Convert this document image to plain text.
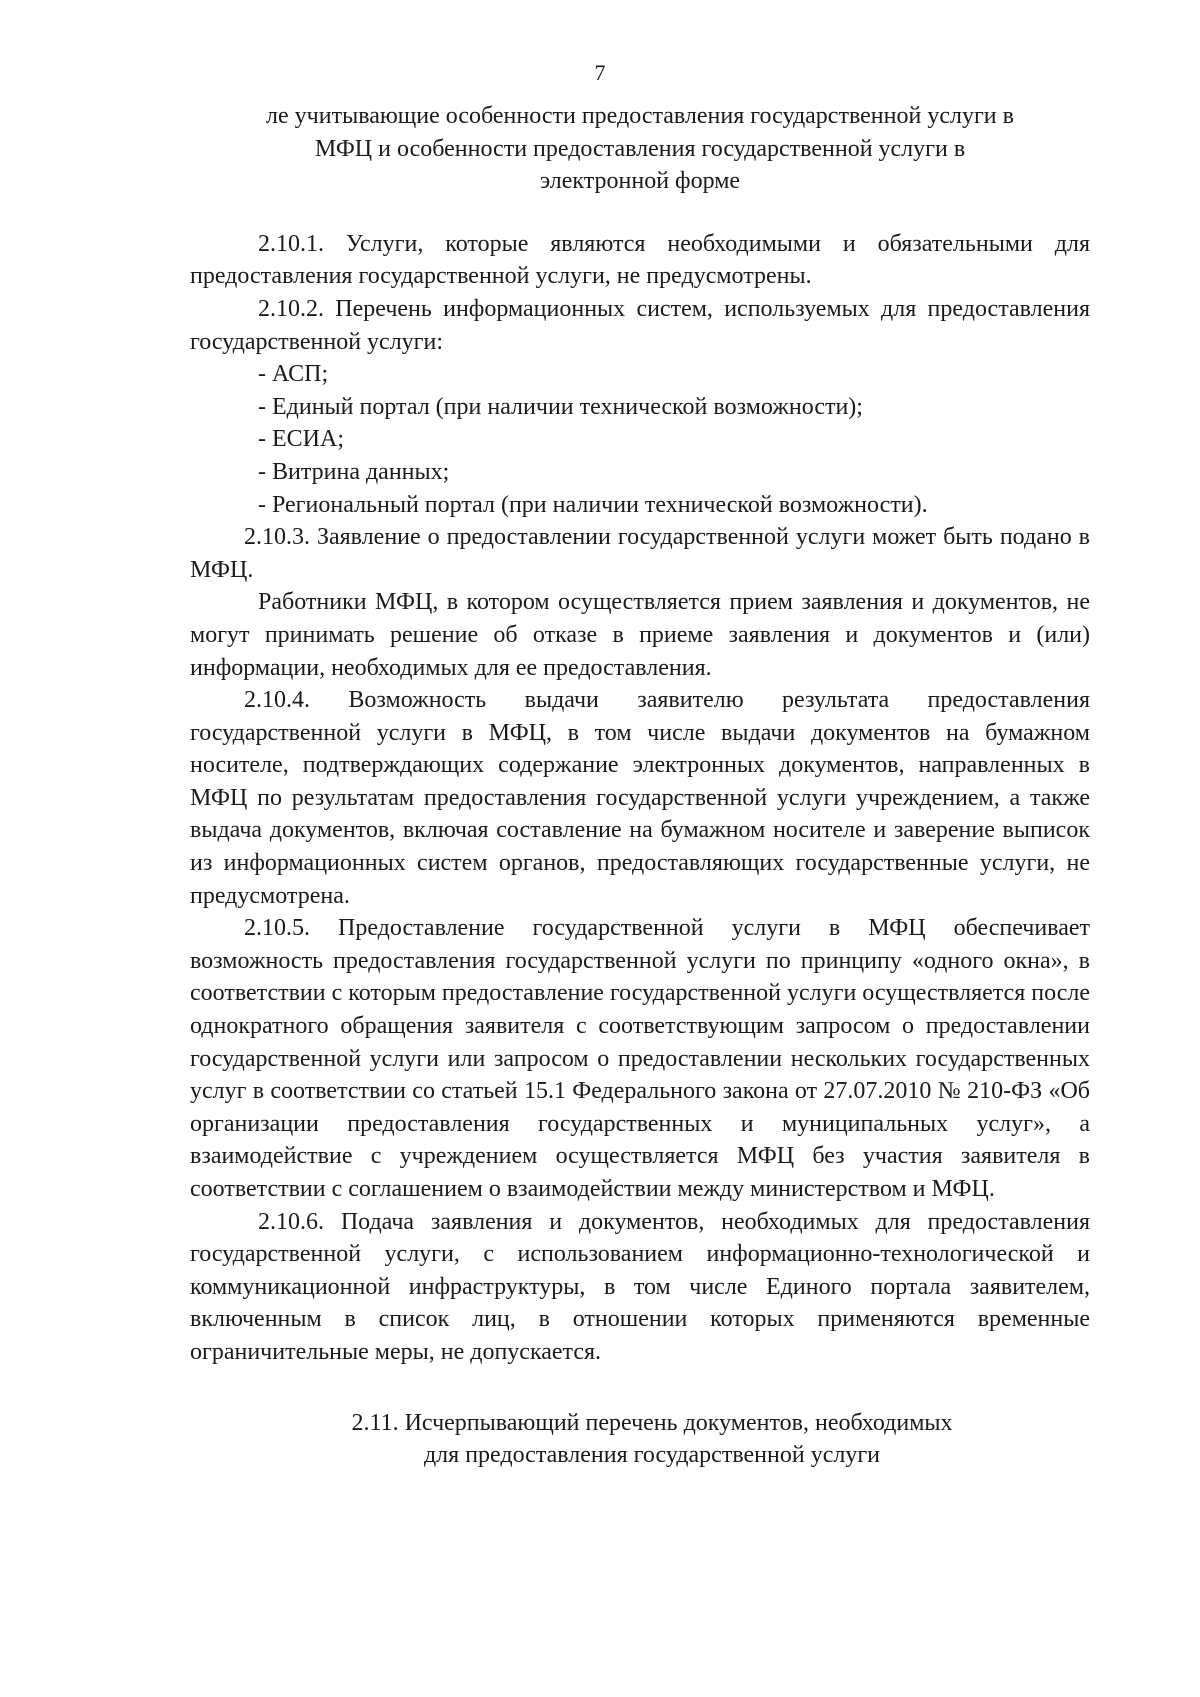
7
ле учитывающие особенности предоставления государственной услуги в
МФЦ и особенности предоставления государственной услуги в
электронной форме

2.10.1. Услуги, которые являются необходимыми и обязательными для предоставления государственной услуги, не предусмотрены.

2.10.2. Перечень информационных систем, используемых для предоставления государственной услуги:

- АСП;
- Единый портал (при наличии технической возможности);
- ЕСИА;
- Витрина данных;
- Региональный портал (при наличии технической возможности).

2.10.3. Заявление о предоставлении государственной услуги может быть подано в МФЦ.

Работники МФЦ, в котором осуществляется прием заявления и документов, не могут принимать решение об отказе в приеме заявления и документов и (или) информации, необходимых для ее предоставления.

2.10.4. Возможность выдачи заявителю результата предоставления государственной услуги в МФЦ, в том числе выдачи документов на бумажном носителе, подтверждающих содержание электронных документов, направленных в МФЦ по результатам предоставления государственной услуги учреждением, а также выдача документов, включая составление на бумажном носителе и заверение выписок из информационных систем органов, предоставляющих государственные услуги, не предусмотрена.

2.10.5. Предоставление государственной услуги в МФЦ обеспечивает возможность предоставления государственной услуги по принципу «одного окна», в соответствии с которым предоставление государственной услуги осуществляется после однократного обращения заявителя с соответствующим запросом о предоставлении государственной услуги или запросом о предоставлении нескольких государственных услуг в соответствии со статьей 15.1 Федерального закона от 27.07.2010 № 210-ФЗ «Об организации предоставления государственных и муниципальных услуг», а взаимодействие с учреждением осуществляется МФЦ без участия заявителя в соответствии с соглашением о взаимодействии между министерством и МФЦ.

2.10.6. Подача заявления и документов, необходимых для предоставления государственной услуги, с использованием информационно-технологической и коммуникационной инфраструктуры, в том числе Единого портала заявителем, включенным в список лиц, в отношении которых применяются временные ограничительные меры, не допускается.

2.11. Исчерпывающий перечень документов, необходимых
для предоставления государственной услуги
